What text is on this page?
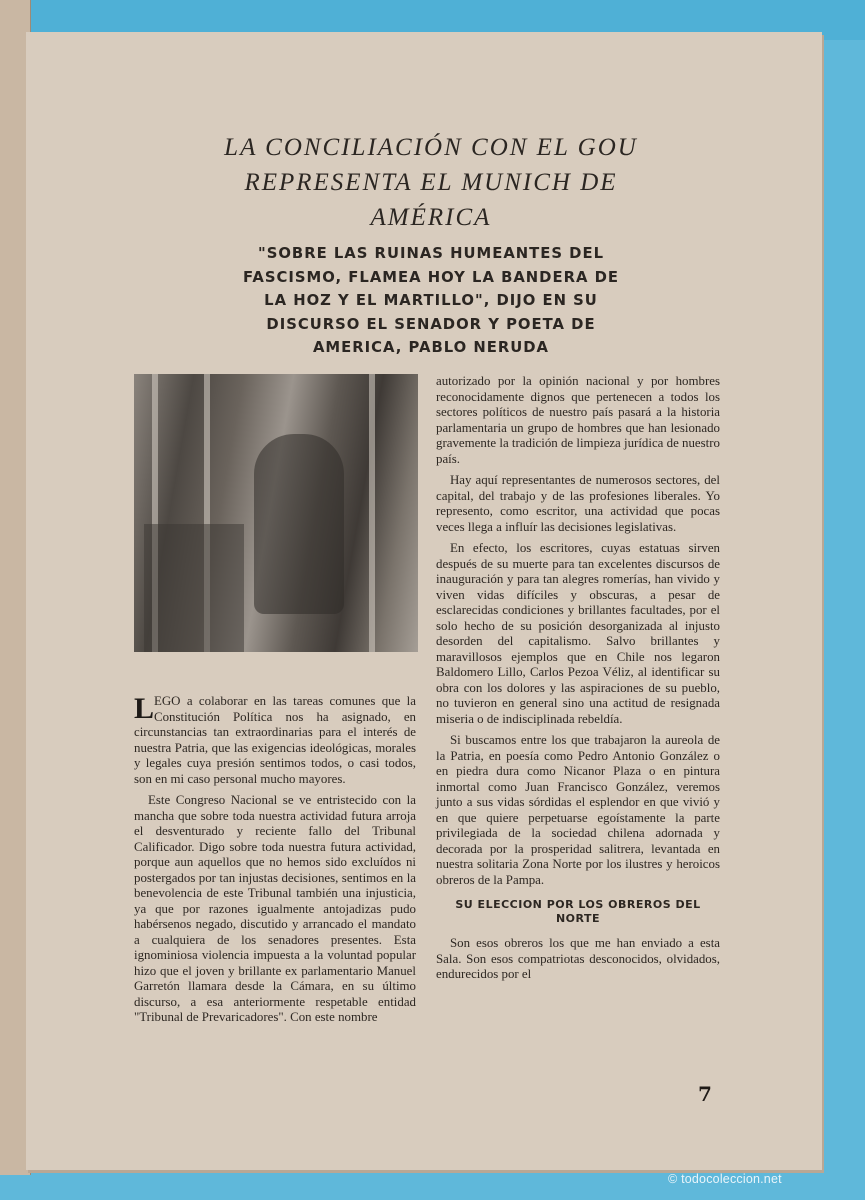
LA CONCILIACIÓN CON EL GOU REPRESENTA EL MUNICH DE AMÉRICA
"SOBRE LAS RUINAS HUMEANTES DEL FASCISMO, FLAMEA HOY LA BANDERA DE LA HOZ Y EL MARTILLO", DIJO EN SU DISCURSO EL SENADOR Y POETA DE AMERICA, PABLO NERUDA

LEGO a colaborar en las tareas comunes que la Constitución Política nos ha asignado, en circunstancias tan extraordinarias para el interés de nuestra Patria, que las exigencias ideológicas, morales y legales cuya presión sentimos todos, o casi todos, son en mi caso personal mucho mayores.

Este Congreso Nacional se ve entristecido con la mancha que sobre toda nuestra actividad futura arroja el desventurado y reciente fallo del Tribunal Calificador. Digo sobre toda nuestra futura actividad, porque aun aquellos que no hemos sido excluídos ni postergados por tan injustas decisiones, sentimos en la benevolencia de este Tribunal también una injusticia, ya que por razones igualmente antojadizas pudo habérsenos negado, discutido y arrancado el mandato a cualquiera de los senadores presentes. Esta ignominiosa violencia impuesta a la voluntad popular hizo que el joven y brillante ex parlamentario Manuel Garretón llamara desde la Cámara, en su último discurso, a esa anteriormente respetable entidad "Tribunal de Prevaricadores". Con este nombre

autorizado por la opinión nacional y por hombres reconocidamente dignos que pertenecen a todos los sectores políticos de nuestro país pasará a la historia parlamentaria un grupo de hombres que han lesionado gravemente la tradición de limpieza jurídica de nuestro país.

Hay aquí representantes de numerosos sectores, del capital, del trabajo y de las profesiones liberales. Yo represento, como escritor, una actividad que pocas veces llega a influír las decisiones legislativas.

En efecto, los escritores, cuyas estatuas sirven después de su muerte para tan excelentes discursos de inauguración y para tan alegres romerías, han vivido y viven vidas difíciles y obscuras, a pesar de esclarecidas condiciones y brillantes facultades, por el solo hecho de su posición desorganizada al injusto desorden del capitalismo. Salvo brillantes y maravillosos ejemplos que en Chile nos legaron Baldomero Lillo, Carlos Pezoa Véliz, al identificar su obra con los dolores y las aspiraciones de su pueblo, no tuvieron en general sino una actitud de resignada miseria o de indisciplinada rebeldía.

Si buscamos entre los que trabajaron la aureola de la Patria, en poesía como Pedro Antonio González o en piedra dura como Nicanor Plaza o en pintura inmortal como Juan Francisco González, veremos junto a sus vidas sórdidas el esplendor en que vivió y en que quiere perpetuarse egoístamente la parte privilegiada de la sociedad chilena adornada y decorada por la prosperidad salitrera, levantada en nuestra solitaria Zona Norte por los ilustres y heroicos obreros de la Pampa.

SU ELECCION POR LOS OBREROS DEL NORTE

Son esos obreros los que me han enviado a esta Sala. Son esos compatriotas desconocidos, olvidados, endurecidos por el

7
© todocoleccion.net
